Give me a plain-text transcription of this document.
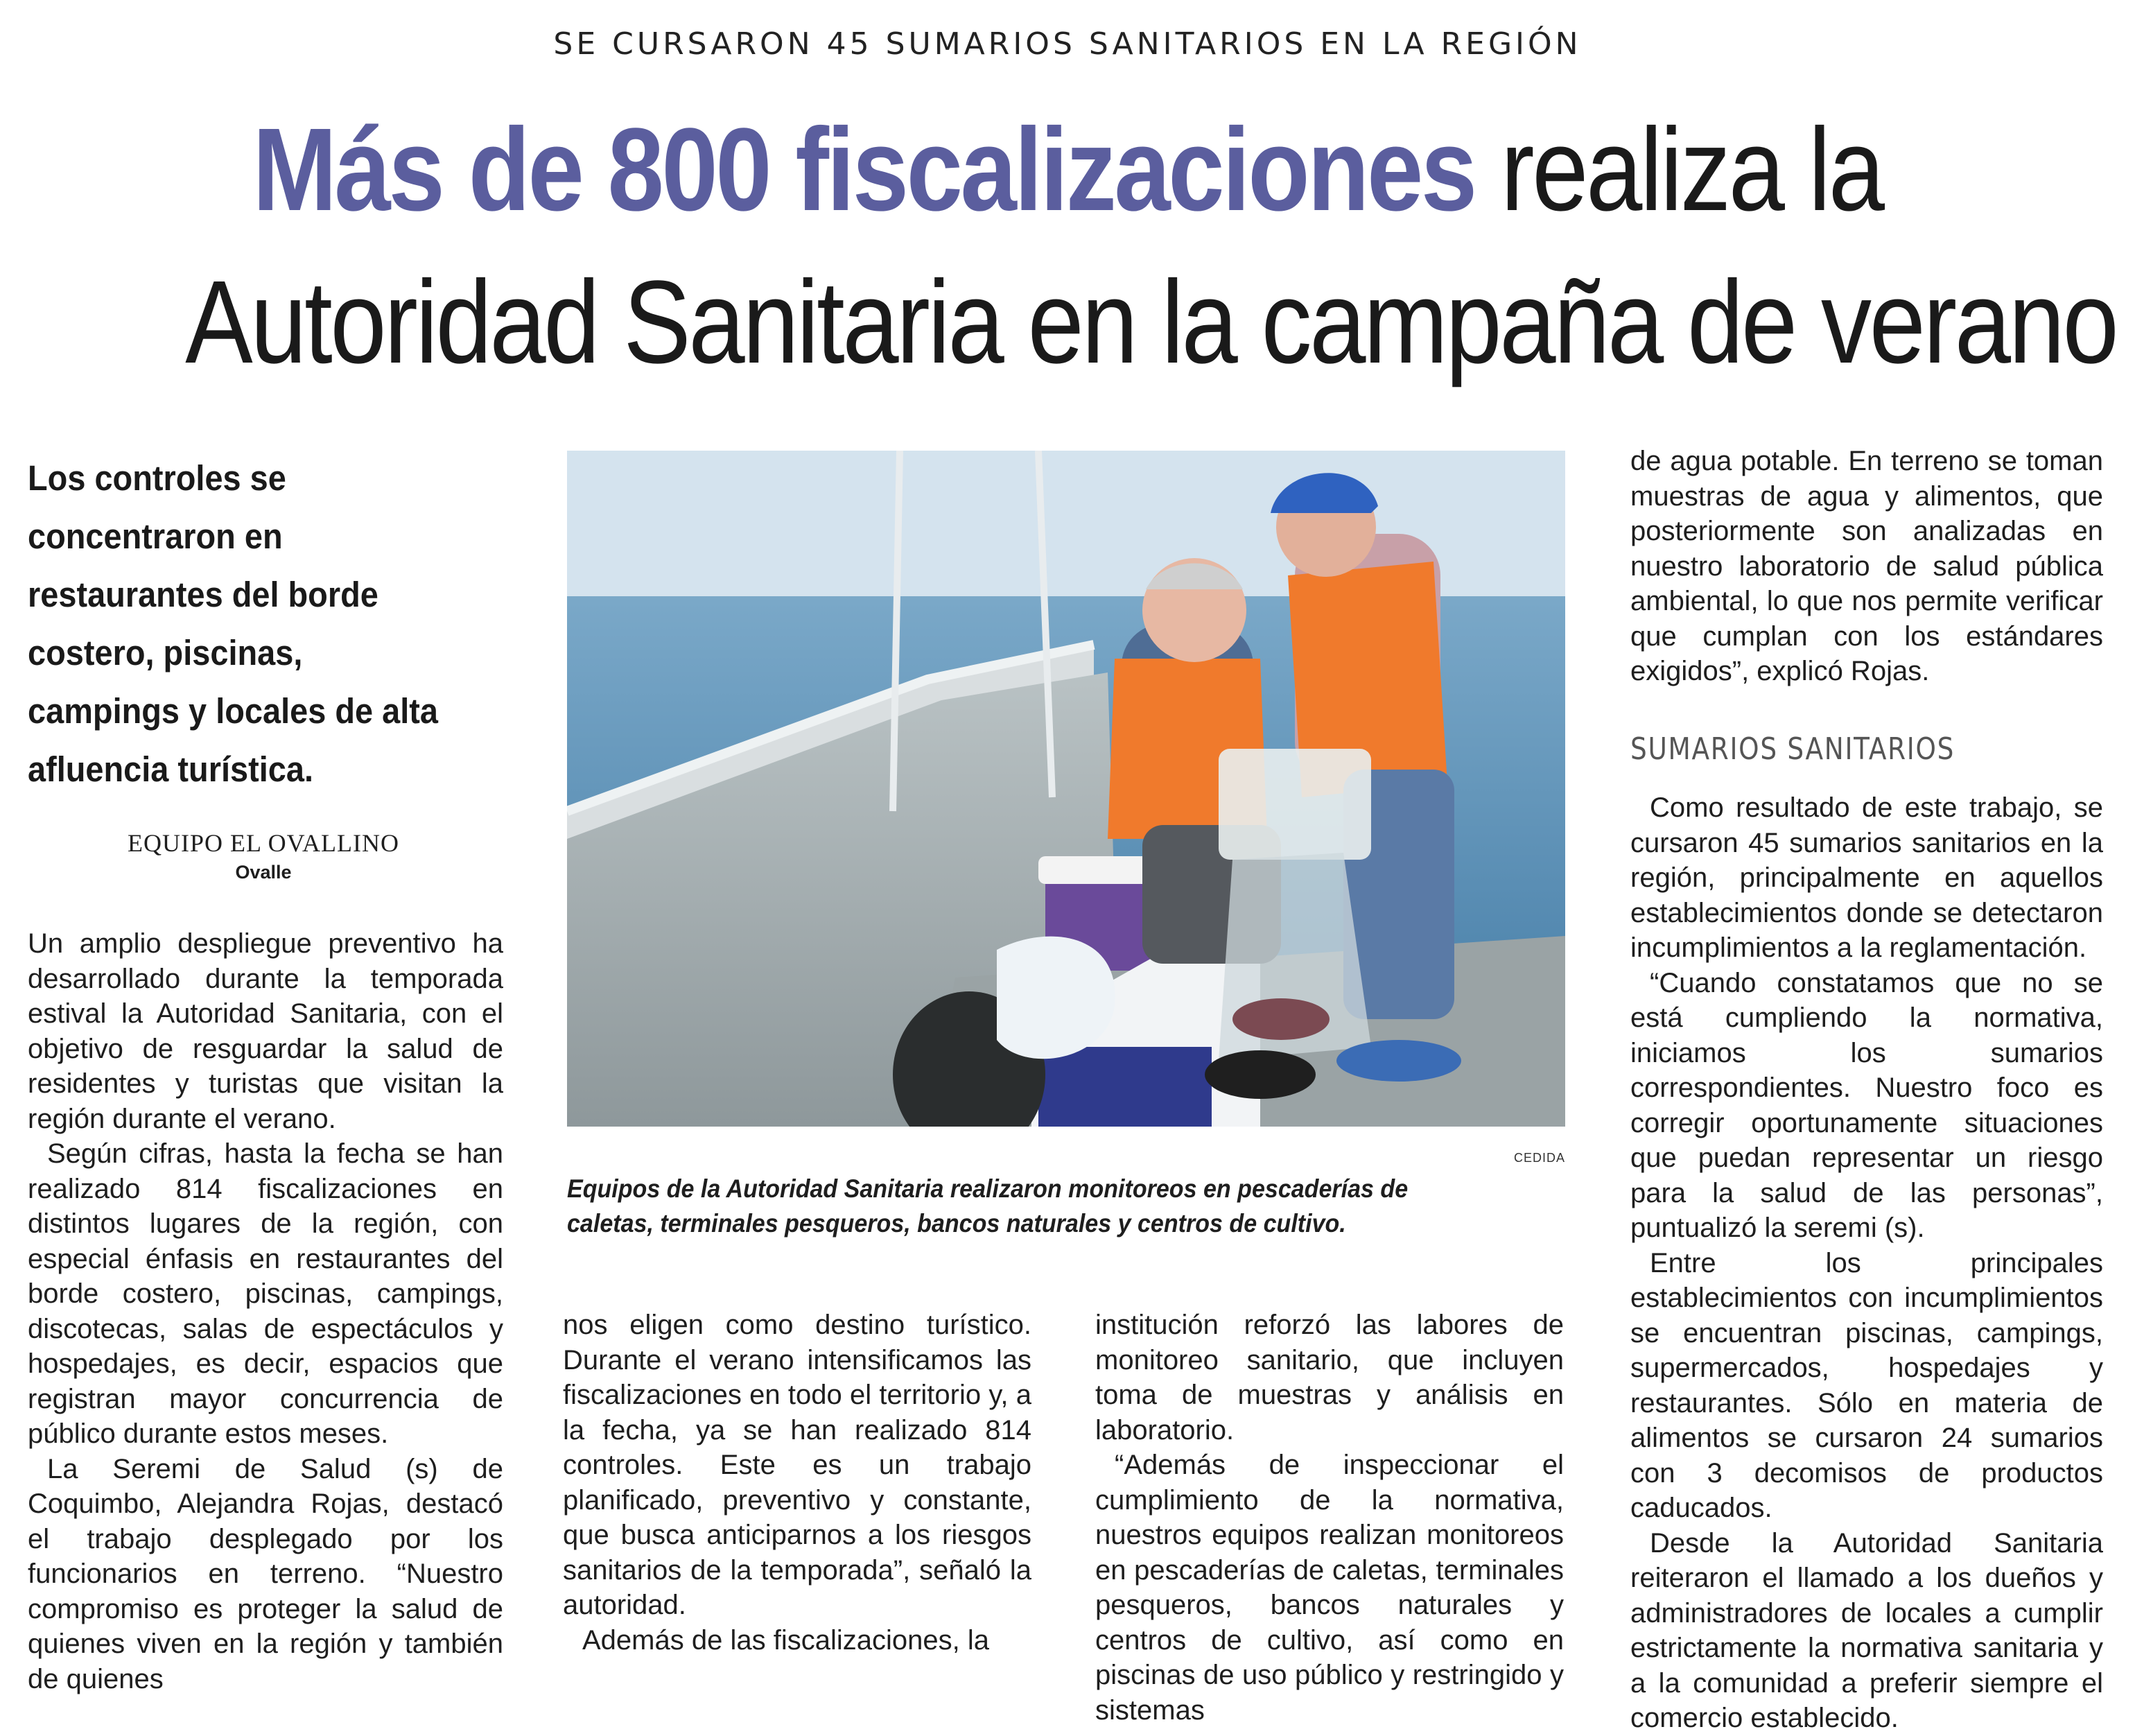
SE CURSARON 45 SUMARIOS SANITARIOS EN LA REGIÓN
Más de 800 fiscalizaciones realiza la
Autoridad Sanitaria en la campaña de verano
Los controles se concentraron en restaurantes del borde costero, piscinas, campings y locales de alta afluencia turística.
EQUIPO EL OVALLINO
Ovalle

Un amplio despliegue preventivo ha desarrollado durante la temporada estival la Autoridad Sanitaria, con el objetivo de resguardar la salud de residentes y turistas que visitan la región durante el verano.

Según cifras, hasta la fecha se han realizado 814 fiscalizaciones en distintos lugares de la región, con especial énfasis en restaurantes del borde costero, piscinas, campings, discotecas, salas de espectáculos y hospedajes, es decir, espacios que registran mayor concurrencia de público durante estos meses.

La Seremi de Salud (s) de Coquimbo, Alejandra Rojas, destacó el trabajo desplegado por los funcionarios en terreno. “Nuestro compromiso es proteger la salud de quienes viven en la región y también de quienes

CEDIDA
Equipos de la Autoridad Sanitaria realizaron monitoreos en pescaderías de caletas, terminales pesqueros, bancos naturales y centros de cultivo.

nos eligen como destino turístico. Durante el verano intensificamos las fiscalizaciones en todo el territorio y, a la fecha, ya se han realizado 814 controles. Este es un trabajo planificado, preventivo y constante, que busca anticiparnos a los riesgos sanitarios de la temporada”, señaló la autoridad.

Además de las fiscalizaciones, la

institución reforzó las labores de monitoreo sanitario, que incluyen toma de muestras y análisis en laboratorio.

“Además de inspeccionar el cumplimiento de la normativa, nuestros equipos realizan monitoreos en pescaderías de caletas, terminales pesqueros, bancos naturales y centros de cultivo, así como en piscinas de uso público y restringido y sistemas

de agua potable. En terreno se toman muestras de agua y alimentos, que posteriormente son analizadas en nuestro laboratorio de salud pública ambiental, lo que nos permite verificar que cumplan con los estándares exigidos”, explicó Rojas.

SUMARIOS SANITARIOS

Como resultado de este trabajo, se cursaron 45 sumarios sanitarios en la región, principalmente en aquellos establecimientos donde se detectaron incumplimientos a la reglamentación.

“Cuando constatamos que no se está cumpliendo la normativa, iniciamos los sumarios correspondientes. Nuestro foco es corregir oportunamente situaciones que puedan representar un riesgo para la salud de las personas”, puntualizó la seremi (s).

Entre los principales establecimientos con incumplimientos se encuentran piscinas, campings, supermercados, hospedajes y restaurantes. Sólo en materia de alimentos se cursaron 24 sumarios con 3 decomisos de productos caducados.

Desde la Autoridad Sanitaria reiteraron el llamado a los dueños y administradores de locales a cumplir estrictamente la normativa sanitaria y a la comunidad a preferir siempre el comercio establecido.
